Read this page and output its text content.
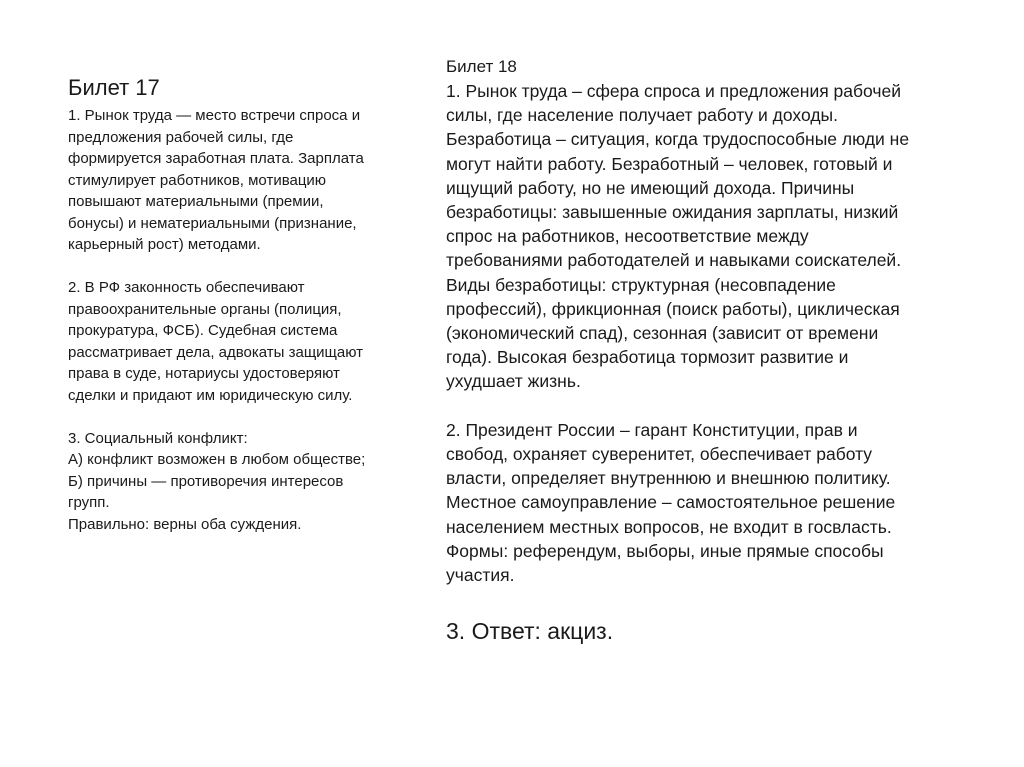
Билет 17

1. Рынок труда — место встречи спроса и предложения рабочей силы, где формируется заработная плата. Зарплата стимулирует работников, мотивацию повышают материальными (премии, бонусы) и нематериальными (признание, карьерный рост) методами.

2. В РФ законность обеспечивают правоохранительные органы (полиция, прокуратура, ФСБ). Судебная система рассматривает дела, адвокаты защищают права в суде, нотариусы удостоверяют сделки и придают им юридическую силу.

3. Социальный конфликт:

А) конфликт возможен в любом обществе;

Б) причины — противоречия интересов групп.

Правильно: верны оба суждения.

Билет 18

1. Рынок труда – сфера спроса и предложения рабочей силы, где население получает работу и доходы. Безработица – ситуация, когда трудоспособные люди не могут найти работу. Безработный – человек, готовый и ищущий работу, но не имеющий дохода. Причины безработицы: завышенные ожидания зарплаты, низкий спрос на работников, несоответствие между требованиями работодателей и навыками соискателей. Виды безработицы: структурная (несовпадение профессий), фрикционная (поиск работы), циклическая (экономический спад), сезонная (зависит от времени года). Высокая безработица тормозит развитие и ухудшает жизнь.

2. Президент России – гарант Конституции, прав и свобод, охраняет суверенитет, обеспечивает работу власти, определяет внутреннюю и внешнюю политику. Местное самоуправление – самостоятельное решение населением местных вопросов, не входит в госвласть. Формы: референдум, выборы, иные прямые способы участия.

3. Ответ: акциз.
